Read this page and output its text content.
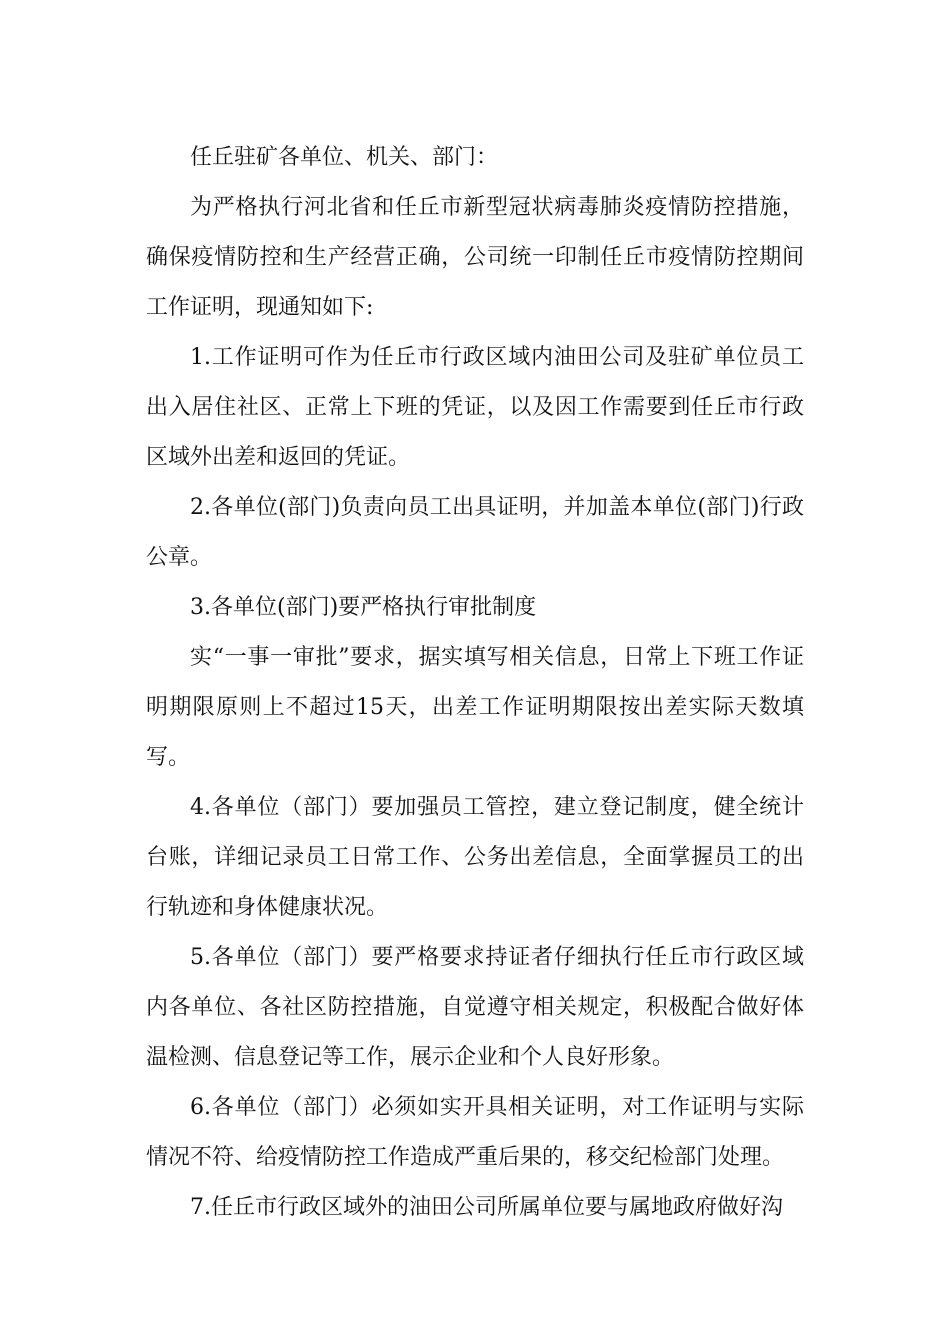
任丘驻矿各单位、机关、部门：

为严格执行河北省和任丘市新型冠状病毒肺炎疫情防控措施，确保疫情防控和生产经营正确，公司统一印制任丘市疫情防控期间工作证明，现通知如下:

1.工作证明可作为任丘市行政区域内油田公司及驻矿单位员工出入居住社区、正常上下班的凭证，以及因工作需要到任丘市行政区域外出差和返回的凭证。

2.各单位(部门)负责向员工出具证明，并加盖本单位(部门)行政公章。

3.各单位(部门)要严格执行审批制度

实“一事一审批”要求，据实填写相关信息，日常上下班工作证明期限原则上不超过15天，出差工作证明期限按出差实际天数填写。

4.各单位（部门）要加强员工管控，建立登记制度，健全统计台账，详细记录员工日常工作、公务出差信息，全面掌握员工的出行轨迹和身体健康状况。

5.各单位（部门）要严格要求持证者仔细执行任丘市行政区域内各单位、各社区防控措施，自觉遵守相关规定，积极配合做好体温检测、信息登记等工作，展示企业和个人良好形象。

6.各单位（部门）必须如实开具相关证明，对工作证明与实际情况不符、给疫情防控工作造成严重后果的，移交纪检部门处理。

7.任丘市行政区域外的油田公司所属单位要与属地政府做好沟
